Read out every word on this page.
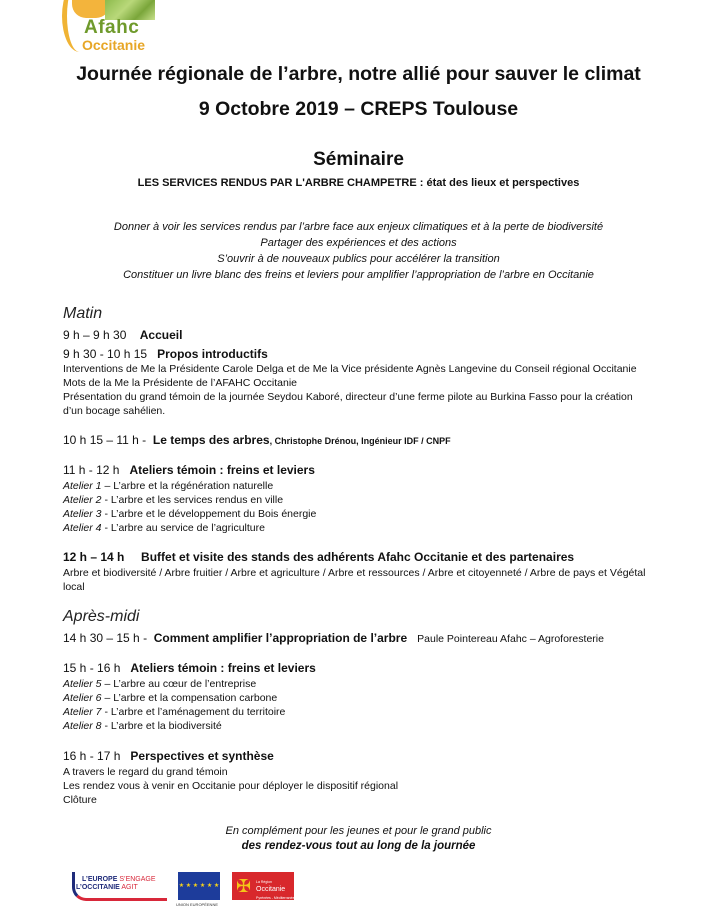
Afahc
Occitanie
Journée régionale de l’arbre, notre allié pour sauver le climat
9 Octobre 2019 – CREPS Toulouse
Séminaire
LES SERVICES RENDUS PAR L'ARBRE CHAMPETRE : état des lieux et perspectives
Donner à voir les services rendus par l’arbre face aux enjeux climatiques et à la perte de biodiversité
Partager des expériences et des actions
S’ouvrir à de nouveaux publics pour accélérer la transition
Constituer un livre blanc des freins et leviers pour amplifier l’appropriation de l’arbre en Occitanie
Matin
9 h – 9 h 30 Accueil
9 h 30 - 10 h 15 Propos introductifs
Interventions de Me la Présidente Carole Delga et de Me la Vice présidente Agnès Langevine du Conseil régional Occitanie
Mots de la Me la Présidente de l’AFAHC Occitanie
Présentation du grand témoin de la journée Seydou Kaboré, directeur d’une ferme pilote au Burkina Fasso pour la création d’un bocage sahélien.
10 h 15 – 11 h - Le temps des arbres, Christophe Drénou, Ingénieur IDF / CNPF
11 h - 12 h Ateliers témoin : freins et leviers
Atelier 1 – L’arbre et la régénération naturelle
Atelier 2 - L’arbre et les services rendus en ville
Atelier 3 - L’arbre et le développement du Bois énergie
Atelier 4 - L’arbre au service de l’agriculture
12 h – 14 h Buffet et visite des stands des adhérents Afahc Occitanie et des partenaires
Arbre et biodiversité / Arbre fruitier / Arbre et agriculture / Arbre et ressources / Arbre et citoyenneté / Arbre de pays et Végétal local
Après-midi
14 h 30 – 15 h - Comment amplifier l’appropriation de l’arbre Paule Pointereau Afahc – Agroforesterie
15 h - 16 h Ateliers témoin : freins et leviers
Atelier 5 – L’arbre au cœur de l’entreprise
Atelier 6 – L’arbre et la compensation carbone
Atelier 7 - L’arbre et l’aménagement du territoire
Atelier 8 - L’arbre et la biodiversité
16 h - 17 h Perspectives et synthèse
A travers le regard du grand témoin
Les rendez vous à venir en Occitanie pour déployer le dispositif régional
Clôture
En complément pour les jeunes et pour le grand public
des rendez-vous tout au long de la journée
L’EUROPE S’ENGAGE
L’OCCITANIE AGIT	★ ★ ★ ★ ★ ★
UNION EUROPÉENNE
✠ La Région
Occitanie
Pyrénées - Méditerranée
